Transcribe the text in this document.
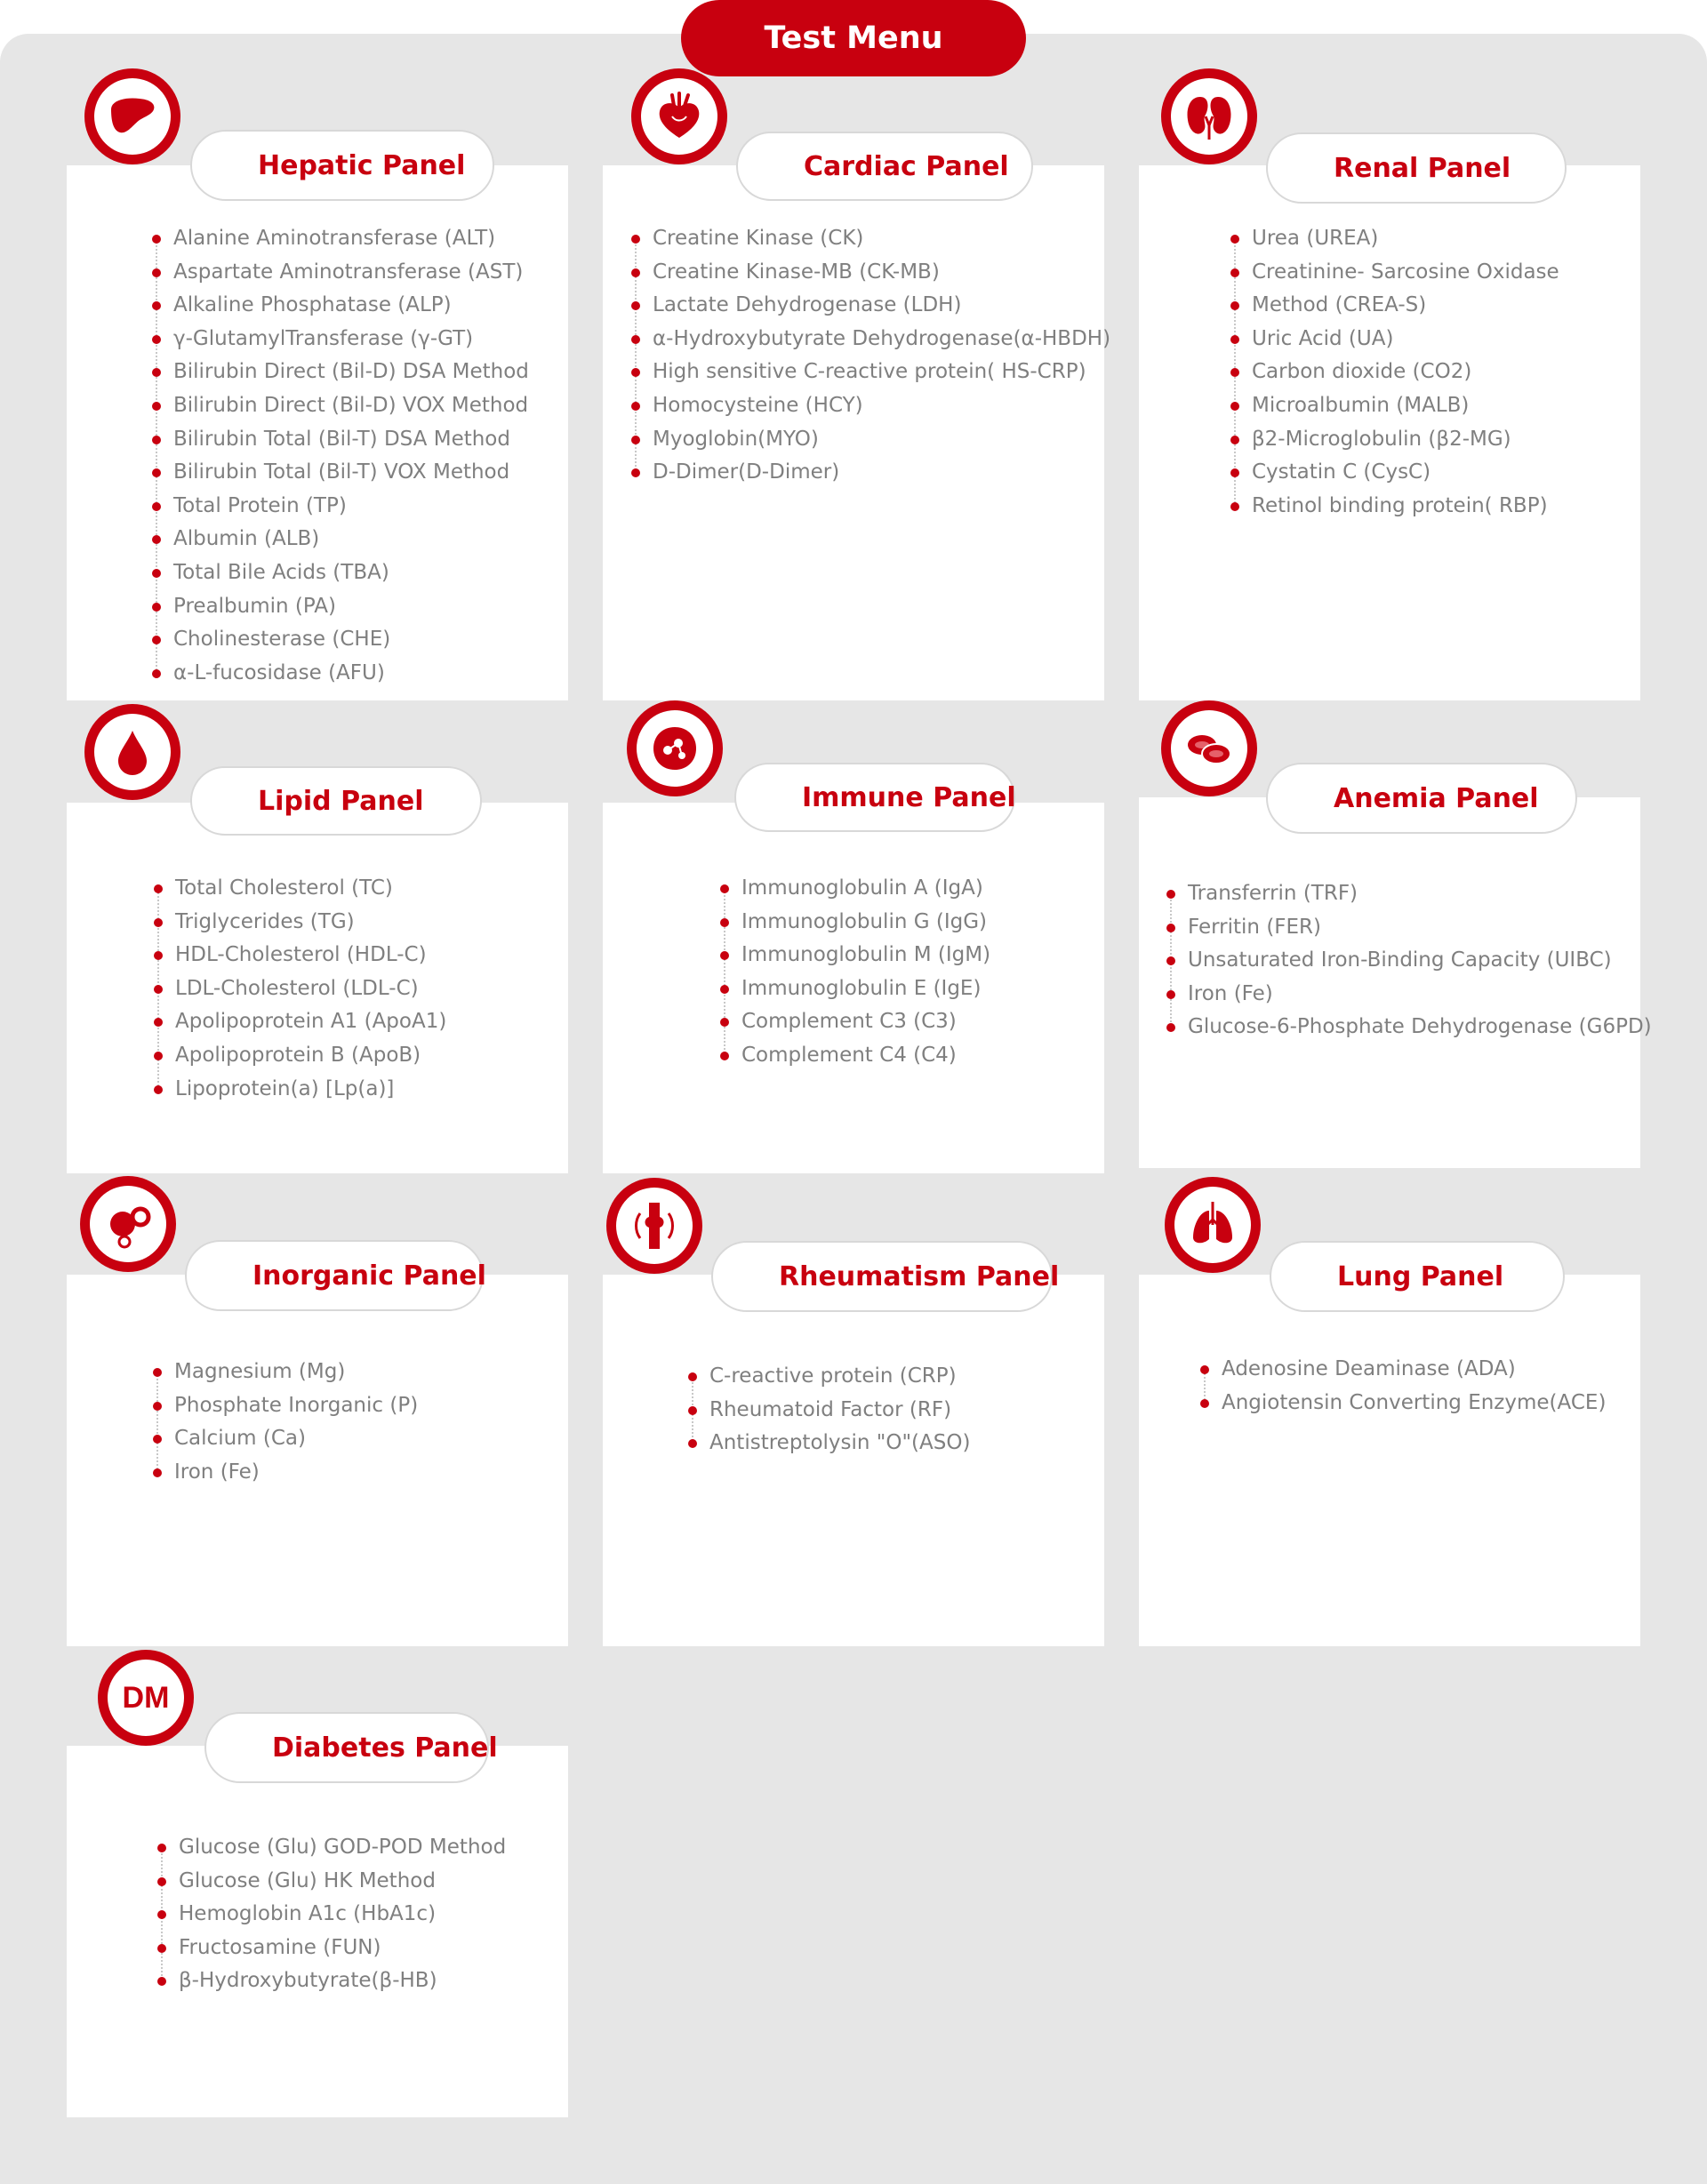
Test Menu
Hepatic Panel
Alanine Aminotransferase (ALT)
Aspartate Aminotransferase (AST)
Alkaline Phosphatase (ALP)
γ-GlutamylTransferase (γ-GT)
Bilirubin Direct (Bil-D) DSA Method
Bilirubin Direct (Bil-D) VOX Method
Bilirubin Total (Bil-T) DSA Method
Bilirubin Total (Bil-T) VOX Method
Total Protein (TP)
Albumin (ALB)
Total Bile Acids (TBA)
Prealbumin (PA)
Cholinesterase (CHE)
α-L-fucosidase (AFU)
Cardiac Panel
Creatine Kinase (CK)
Creatine Kinase-MB (CK-MB)
Lactate Dehydrogenase (LDH)
α-Hydroxybutyrate Dehydrogenase(α-HBDH)
High sensitive C-reactive protein( HS-CRP)
Homocysteine (HCY)
Myoglobin(MYO)
D-Dimer(D-Dimer)
Renal Panel
Urea (UREA)
Creatinine- Sarcosine Oxidase
Method (CREA-S)
Uric Acid (UA)
Carbon dioxide (CO2)
Microalbumin (MALB)
β2-Microglobulin (β2-MG)
Cystatin C (CysC)
Retinol binding protein( RBP)
Lipid Panel
Total Cholesterol (TC)
Triglycerides (TG)
HDL-Cholesterol (HDL-C)
LDL-Cholesterol (LDL-C)
Apolipoprotein A1 (ApoA1)
Apolipoprotein B (ApoB)
Lipoprotein(a) [Lp(a)]
Immune Panel
Immunoglobulin A (IgA)
Immunoglobulin G (IgG)
Immunoglobulin M (IgM)
Immunoglobulin E (IgE)
Complement C3 (C3)
Complement C4 (C4)
Anemia Panel
Transferrin (TRF)
Ferritin (FER)
Unsaturated Iron-Binding Capacity (UIBC)
Iron (Fe)
Glucose-6-Phosphate Dehydrogenase (G6PD)
Inorganic Panel
Magnesium (Mg)
Phosphate Inorganic (P)
Calcium (Ca)
Iron (Fe)
Rheumatism Panel
C-reactive protein (CRP)
Rheumatoid Factor (RF)
Antistreptolysin "O"(ASO)
Lung Panel
Adenosine Deaminase (ADA)
Angiotensin Converting Enzyme(ACE)
Diabetes Panel
DM
Glucose (Glu) GOD-POD Method
Glucose (Glu) HK Method
Hemoglobin A1c (HbA1c)
Fructosamine (FUN)
β-Hydroxybutyrate(β-HB)
